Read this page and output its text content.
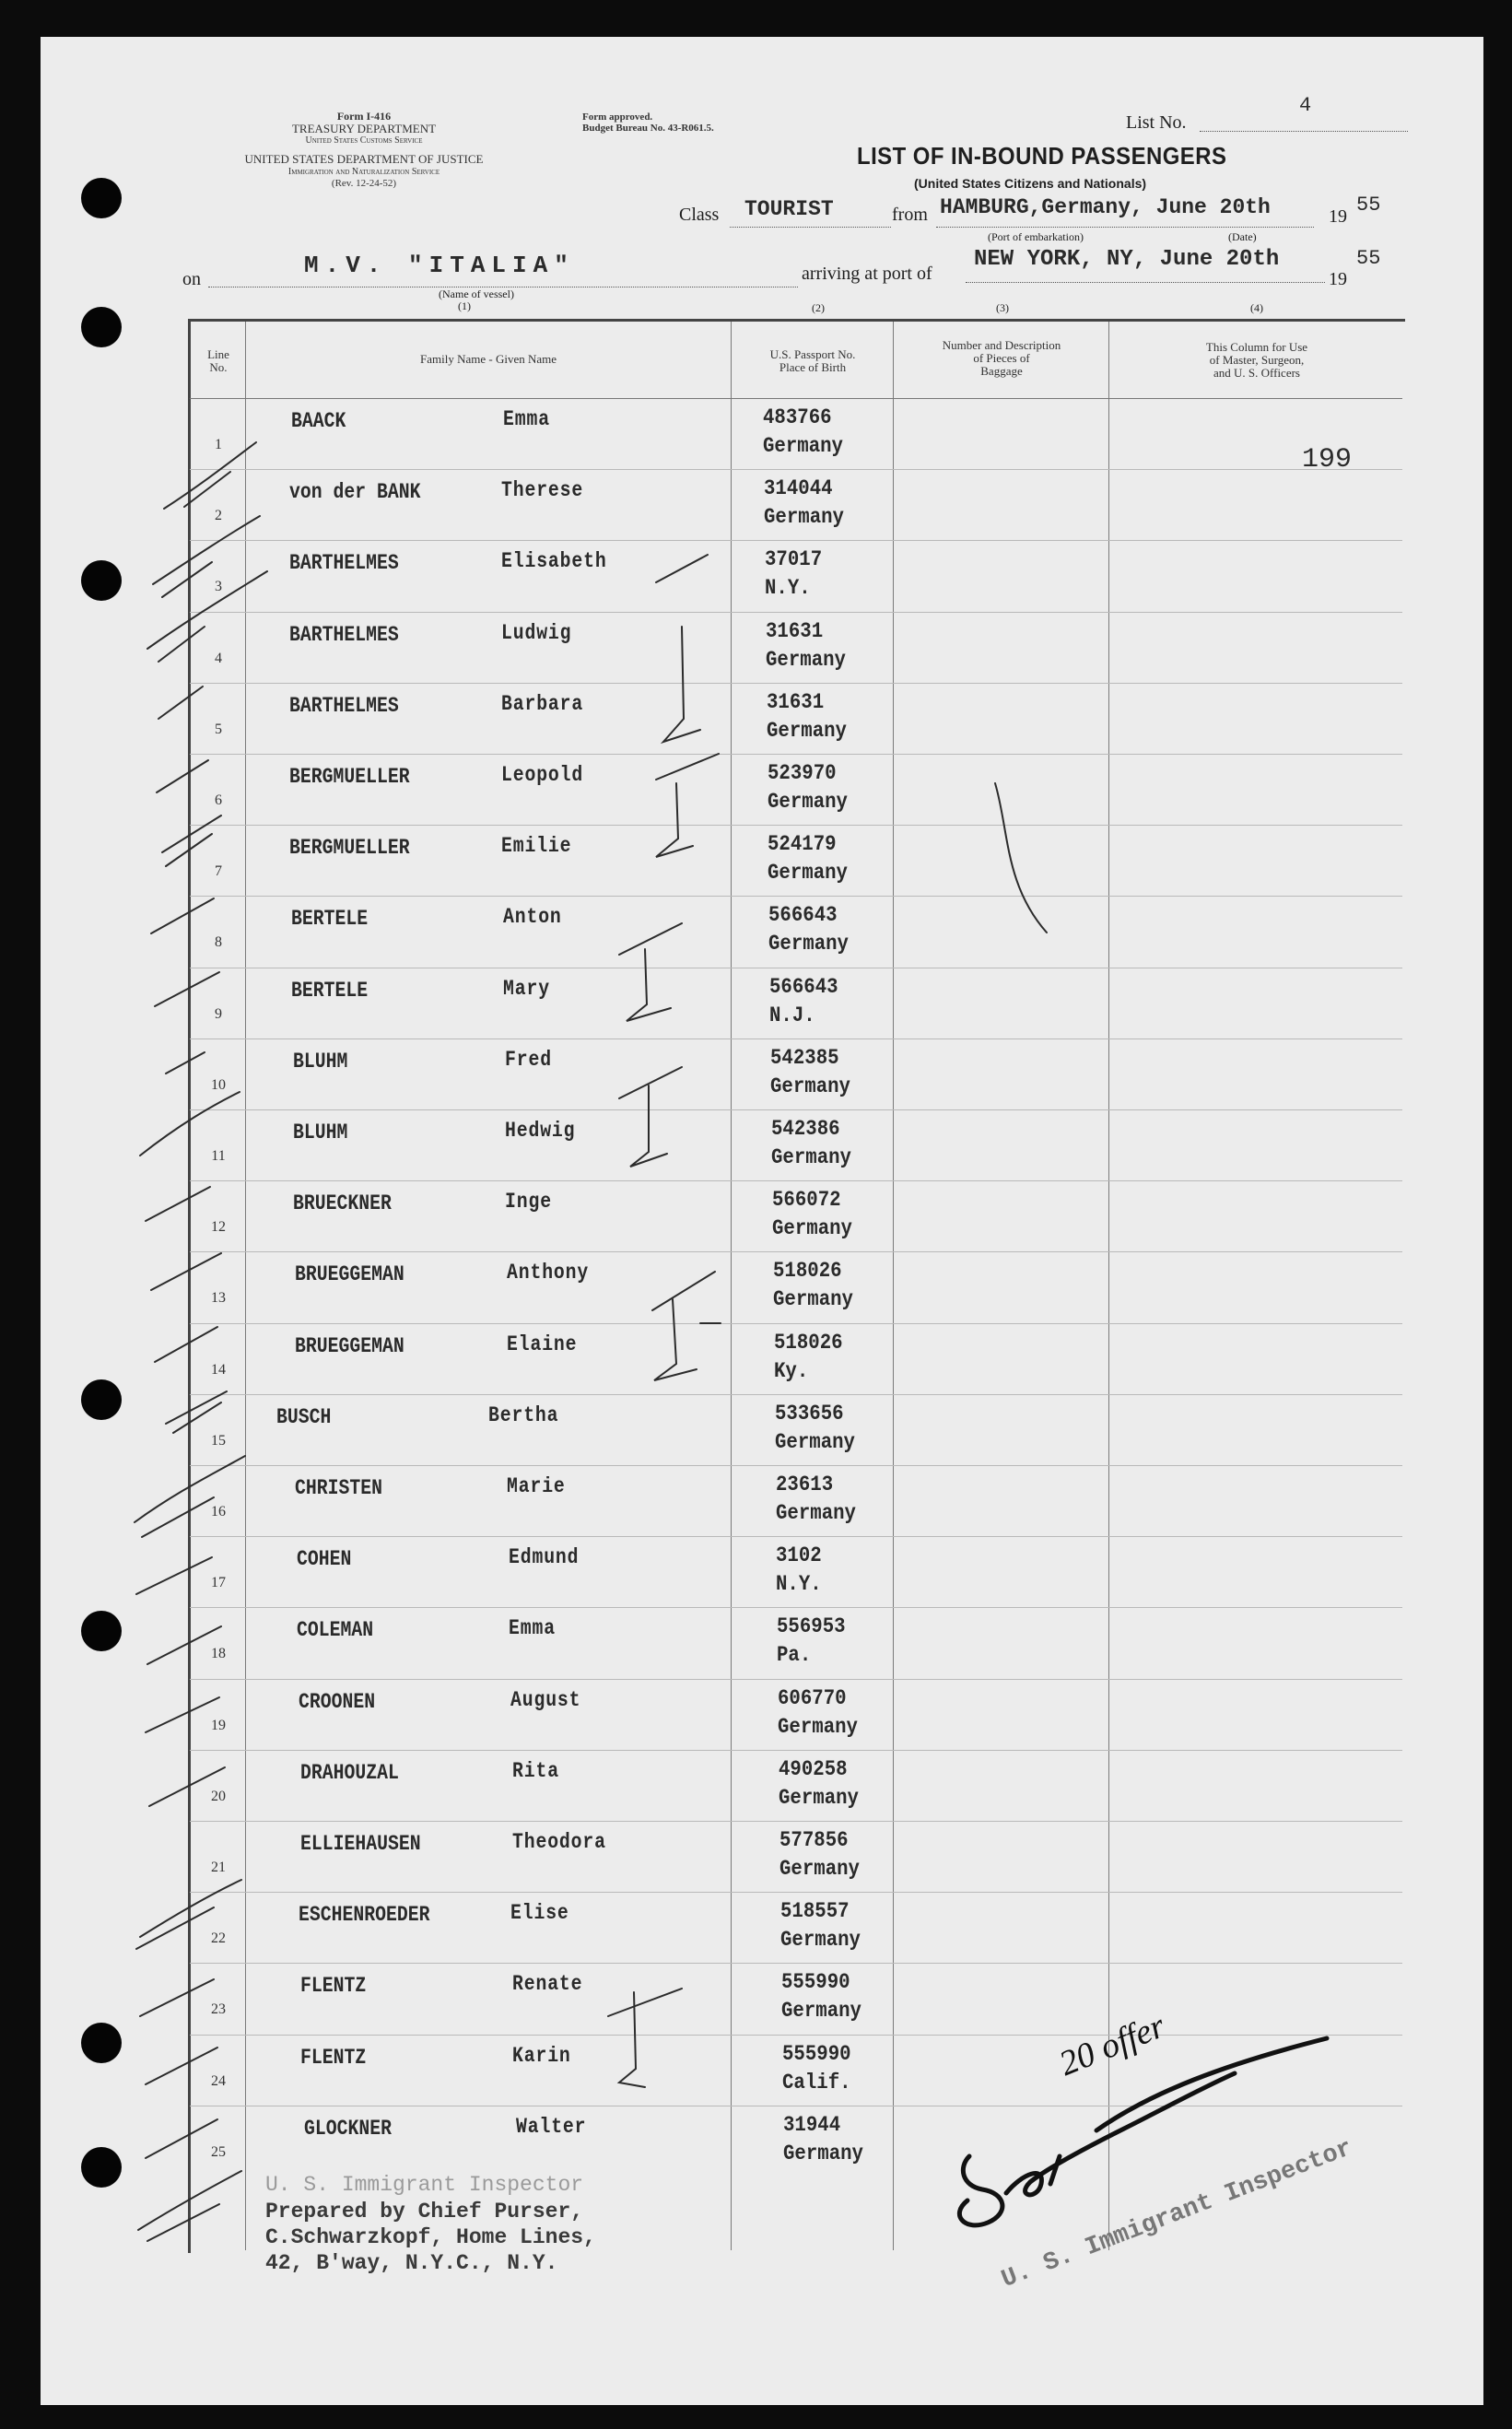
Form I-416
TREASURY DEPARTMENT
United States Customs Service
UNITED STATES DEPARTMENT OF JUSTICE
Immigration and Naturalization Service
(Rev. 12-24-52)
Form approved.
Budget Bureau No. 43-R061.5.	List No.
4
LIST OF IN-BOUND PASSENGERS
(United States Citizens and Nationals)
Class TOURIST	from HAMBURG,Germany, June 20th	19 55
(Port of embarkation)	(Date)
on	M.V. "ITALIA"
(Name of vessel)
arriving at port of
NEW YORK, NY, June 20th
19
55
(1)	(2)	(3)	(4)
Line No.
Family Name - Given Name	U.S. Passport No.
Place of Birth
Number and Description
of Pieces of
Baggage
This Column for Use
of Master, Surgeon,
and U. S. Officers
1
BAACK	Emma	483766
Germany
2
von der BANK	Therese	314044
Germany
3
BARTHELMES	Elisabeth	37017
N.Y.
4
BARTHELMES	Ludwig	31631
Germany
5
BARTHELMES	Barbara	31631
Germany
6
BERGMUELLER	Leopold	523970
Germany
7
BERGMUELLER	Emilie	524179
Germany
8
BERTELE	Anton	566643
Germany
9
BERTELE	Mary	566643
N.J.
10
BLUHM	Fred	542385
Germany
11
BLUHM	Hedwig	542386
Germany
12
BRUECKNER	Inge	566072
Germany
13
BRUEGGEMAN	Anthony	518026
Germany
14
BRUEGGEMAN	Elaine	518026
Ky.
15
BUSCH	Bertha	533656
Germany
16
CHRISTEN	Marie	23613
Germany
17
COHEN	Edmund	3102
N.Y.
18
COLEMAN	Emma	556953
Pa.
19
CROONEN	August	606770
Germany
20
DRAHOUZAL	Rita	490258
Germany
21
ELLIEHAUSEN	Theodora	577856
Germany
22
ESCHENROEDER	Elise	518557
Germany
23
FLENTZ	Renate	555990
Germany
24
FLENTZ	Karin	555990
Calif.
25
GLOCKNER	Walter	31944
Germany
199
U. S. Immigrant Inspector
Prepared by Chief Purser,
C.Schwarzkopf, Home Lines,
42, B'way, N.Y.C., N.Y.	U. S. Immigrant Inspector
20 offer
